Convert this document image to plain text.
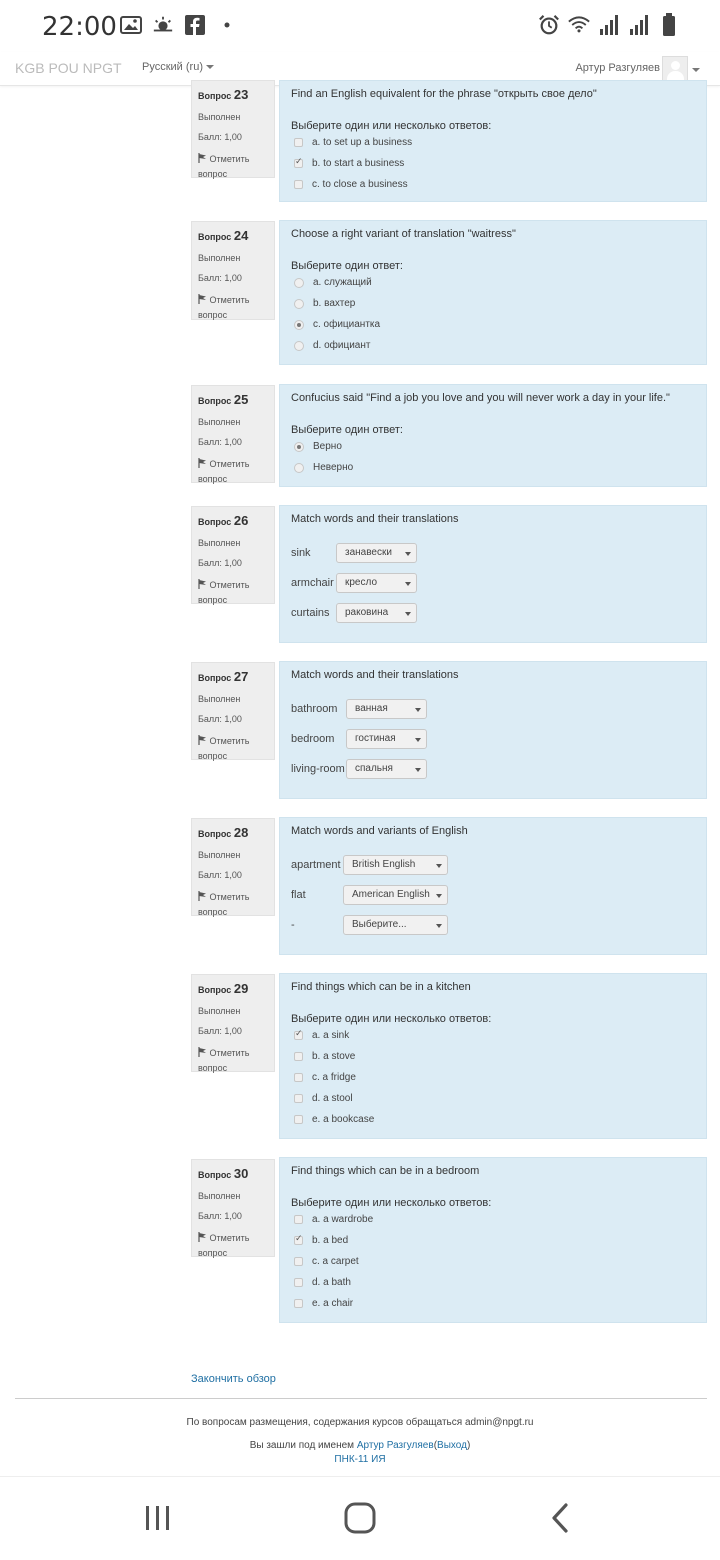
22:00
KGB POU NPGT Русский (ru)	Артур Разгуляев
Вопрос 23
Выполнен
Балл: 1,00
Отметить
вопрос
Find an English equivalent for the phrase "открыть свое дело"
Выберите один или несколько ответов:
a. to set up a business
✓
b. to start a business
c. to close a business
Вопрос 24
Выполнен
Балл: 1,00
Отметить
вопрос
Choose a right variant of translation "waitress"
Выберите один ответ:
a. служащий
b. вахтер
c. официантка
d. официант
Вопрос 25
Выполнен
Балл: 1,00
Отметить
вопрос
Confucius said "Find a job you love and you will never work a day in your life."
Выберите один ответ:
Верно
Неверно
Вопрос 26
Выполнен
Балл: 1,00
Отметить
вопрос
Match words and their translations
sink	занавески
armchair	кресло
curtains	раковина
Вопрос 27
Выполнен
Балл: 1,00
Отметить
вопрос
Match words and their translations
bathroom	ванная
bedroom	гостиная
living-room	спальня
Вопрос 28
Выполнен
Балл: 1,00
Отметить
вопрос
Match words and variants of English
apartment	British English
flat	American English
-	Выберите...
Вопрос 29
Выполнен
Балл: 1,00
Отметить
вопрос
Find things which can be in a kitchen
Выберите один или несколько ответов:
✓
a. a sink
b. a stove
c. a fridge
d. a stool
e. a bookcase
Вопрос 30
Выполнен
Балл: 1,00
Отметить
вопрос
Find things which can be in a bedroom
Выберите один или несколько ответов:
a. a wardrobe
✓
b. a bed
c. a carpet
d. a bath
e. a chair
Закончить обзор
По вопросам размещения, содержания курсов обращаться admin@npgt.ru
Вы зашли под именем Артур Разгуляев(Выход)
ПНК-11 ИЯ
